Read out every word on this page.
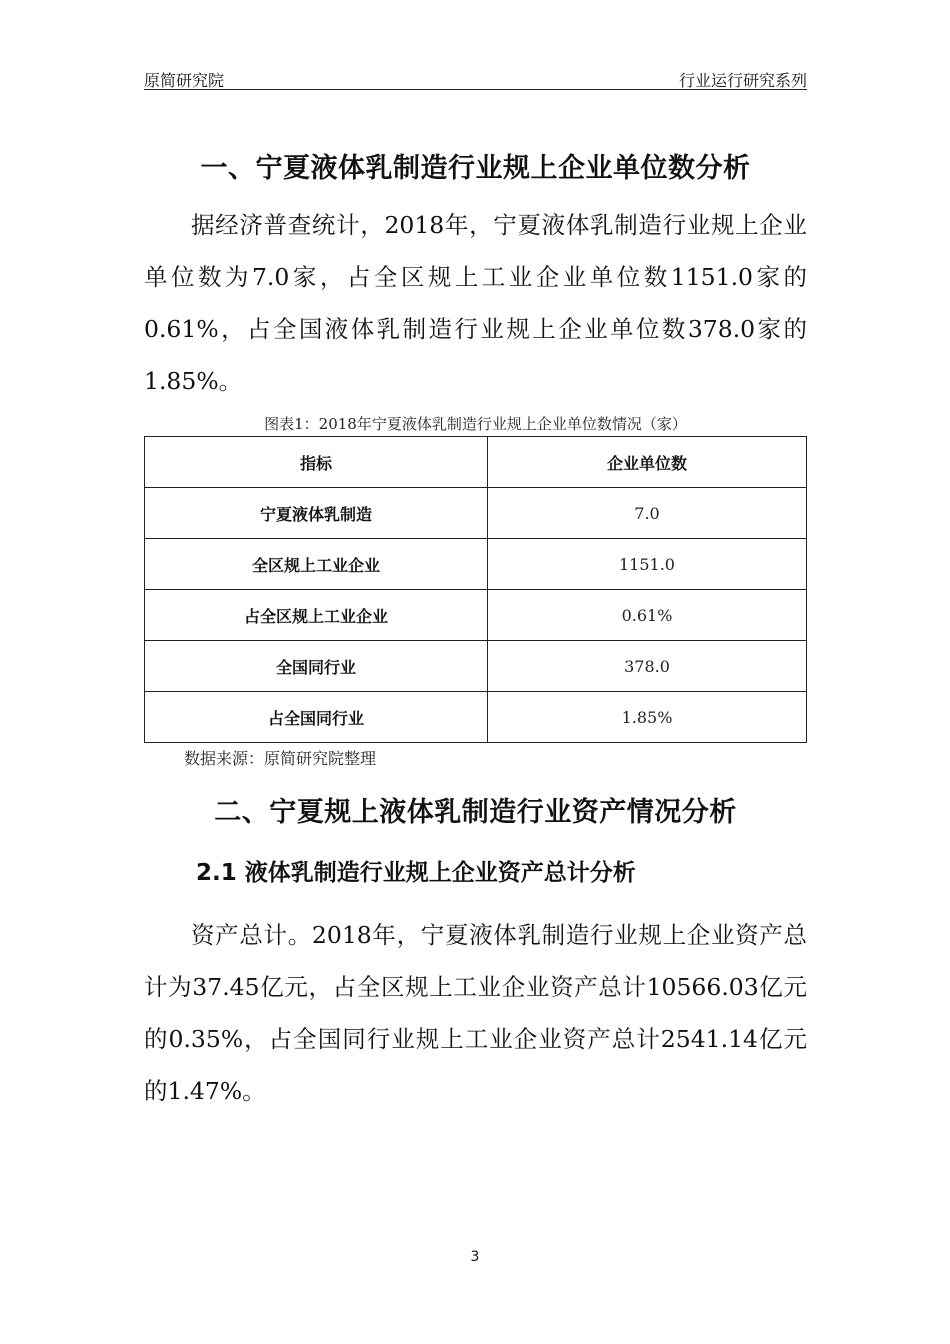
原简研究院	行业运行研究系列
一、宁夏液体乳制造行业规上企业单位数分析
据经济普查统计，2018年，宁夏液体乳制造行业规上企业单位数为7.0家，占全区规上工业企业单位数1151.0家的0.61%，占全国液体乳制造行业规上企业单位数378.0家的1.85%。
图表1：2018年宁夏液体乳制造行业规上企业单位数情况（家）
指标	企业单位数
宁夏液体乳制造	7.0
全区规上工业企业	1151.0
占全区规上工业企业	0.61%
全国同行业	378.0
占全国同行业	1.85%
数据来源：原简研究院整理
二、宁夏规上液体乳制造行业资产情况分析
2.1 液体乳制造行业规上企业资产总计分析
资产总计。2018年，宁夏液体乳制造行业规上企业资产总计为37.45亿元，占全区规上工业企业资产总计10566.03亿元的0.35%，占全国同行业规上工业企业资产总计2541.14亿元的1.47%。
3
